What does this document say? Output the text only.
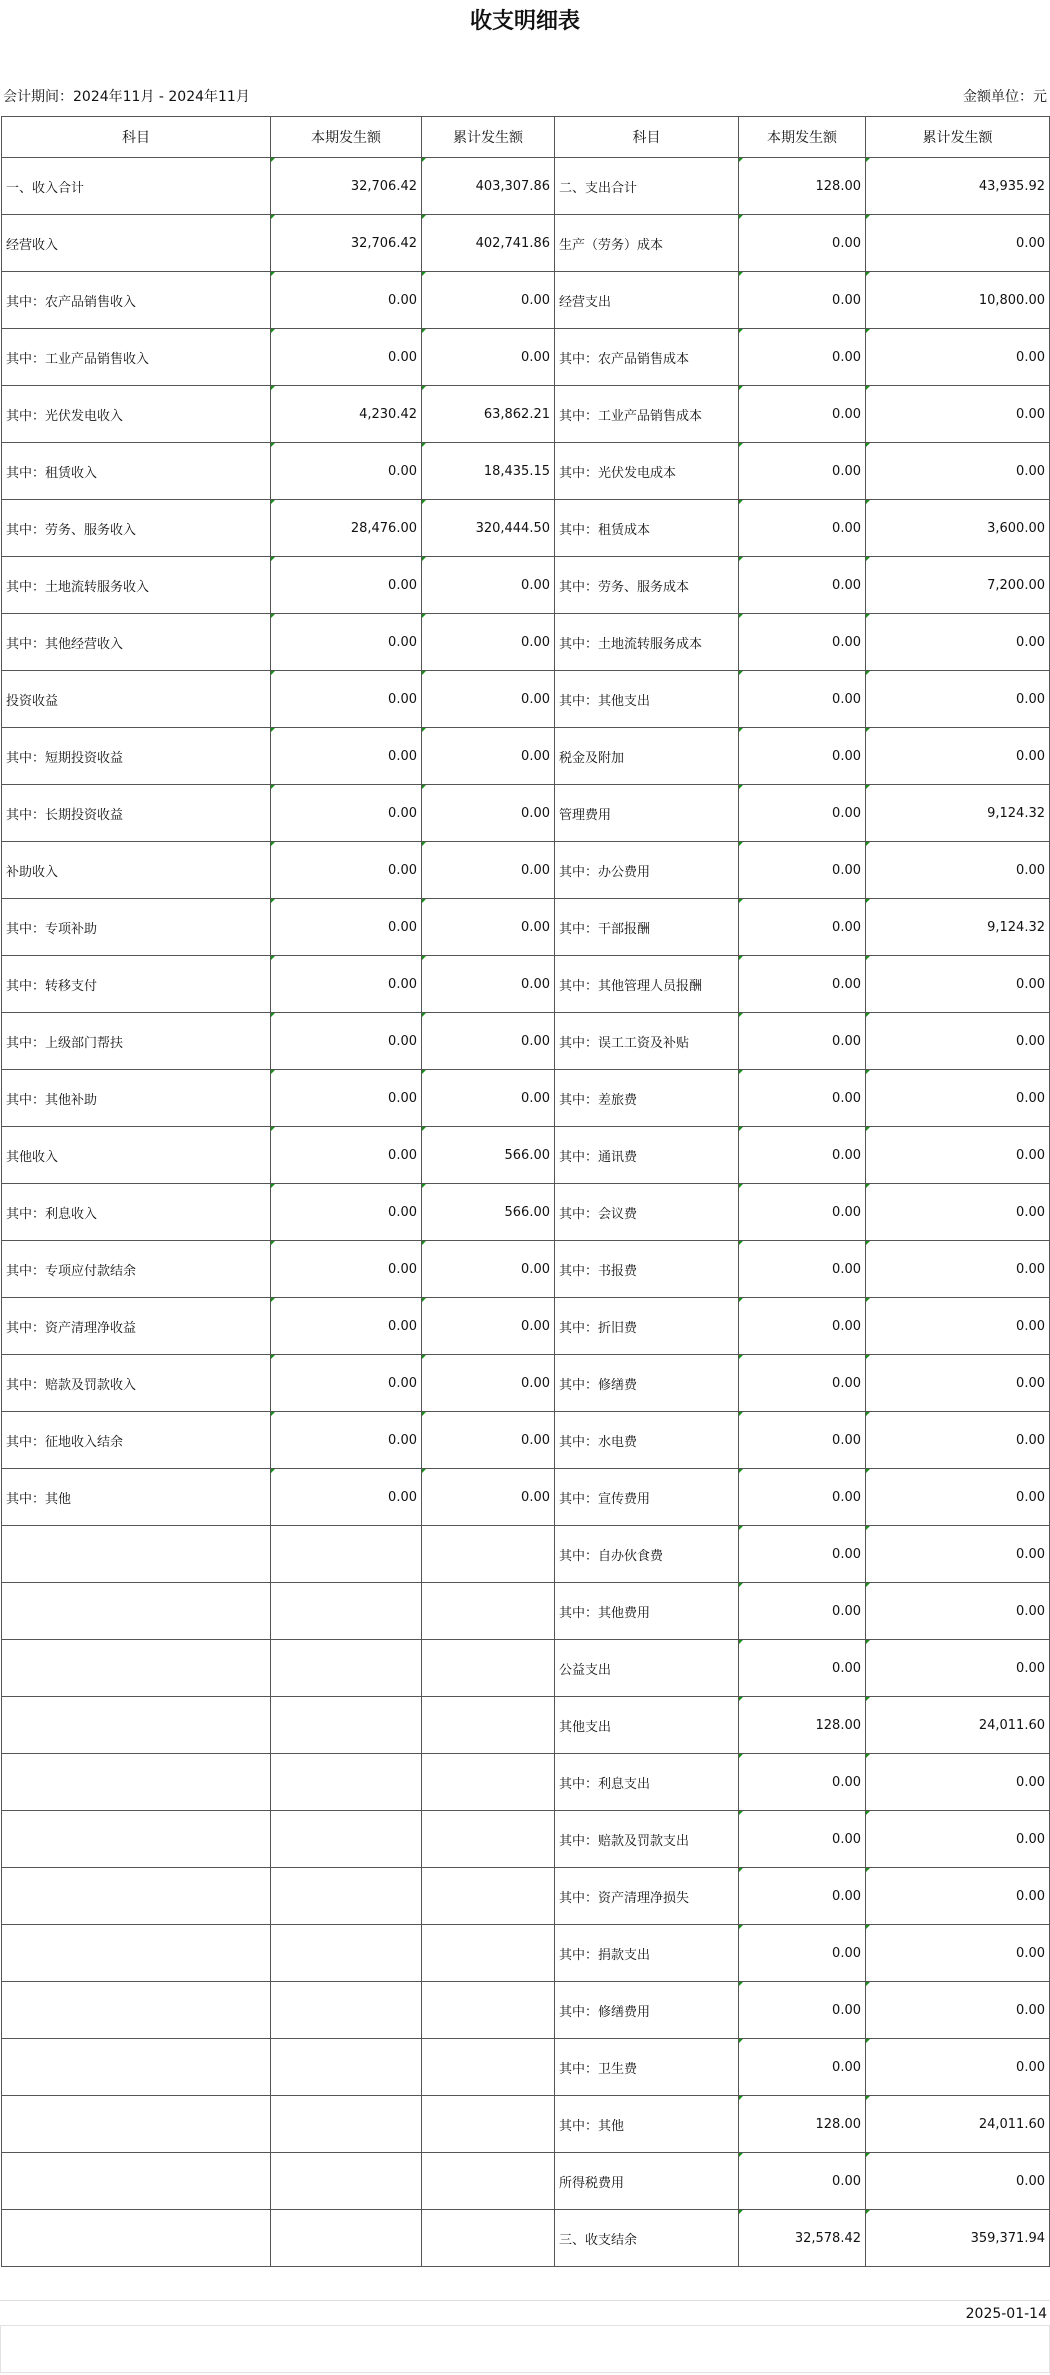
收支明细表
会计期间：2024年11月 - 2024年11月	金额单位：元
科目	本期发生额	累计发生额	科目	本期发生额	累计发生额
一、收入合计	32,706.42	403,307.86	二、支出合计	128.00	43,935.92
经营收入	32,706.42	402,741.86	生产（劳务）成本	0.00	0.00
其中：农产品销售收入	0.00	0.00	经营支出	0.00	10,800.00
其中：工业产品销售收入	0.00	0.00	其中：农产品销售成本	0.00	0.00
其中：光伏发电收入	4,230.42	63,862.21	其中：工业产品销售成本	0.00	0.00
其中：租赁收入	0.00	18,435.15	其中：光伏发电成本	0.00	0.00
其中：劳务、服务收入	28,476.00	320,444.50	其中：租赁成本	0.00	3,600.00
其中：土地流转服务收入	0.00	0.00	其中：劳务、服务成本	0.00	7,200.00
其中：其他经营收入	0.00	0.00	其中：土地流转服务成本	0.00	0.00
投资收益	0.00	0.00	其中：其他支出	0.00	0.00
其中：短期投资收益	0.00	0.00	税金及附加	0.00	0.00
其中：长期投资收益	0.00	0.00	管理费用	0.00	9,124.32
补助收入	0.00	0.00	其中：办公费用	0.00	0.00
其中：专项补助	0.00	0.00	其中：干部报酬	0.00	9,124.32
其中：转移支付	0.00	0.00	其中：其他管理人员报酬	0.00	0.00
其中：上级部门帮扶	0.00	0.00	其中：误工工资及补贴	0.00	0.00
其中：其他补助	0.00	0.00	其中：差旅费	0.00	0.00
其他收入	0.00	566.00	其中：通讯费	0.00	0.00
其中：利息收入	0.00	566.00	其中：会议费	0.00	0.00
其中：专项应付款结余	0.00	0.00	其中：书报费	0.00	0.00
其中：资产清理净收益	0.00	0.00	其中：折旧费	0.00	0.00
其中：赔款及罚款收入	0.00	0.00	其中：修缮费	0.00	0.00
其中：征地收入结余	0.00	0.00	其中：水电费	0.00	0.00
其中：其他	0.00	0.00	其中：宣传费用	0.00	0.00
			其中：自办伙食费	0.00	0.00
			其中：其他费用	0.00	0.00
			公益支出	0.00	0.00
			其他支出	128.00	24,011.60
			其中：利息支出	0.00	0.00
			其中：赔款及罚款支出	0.00	0.00
			其中：资产清理净损失	0.00	0.00
			其中：捐款支出	0.00	0.00
			其中：修缮费用	0.00	0.00
			其中：卫生费	0.00	0.00
			其中：其他	128.00	24,011.60
			所得税费用	0.00	0.00
			三、收支结余	32,578.42	359,371.94
2025-01-14
